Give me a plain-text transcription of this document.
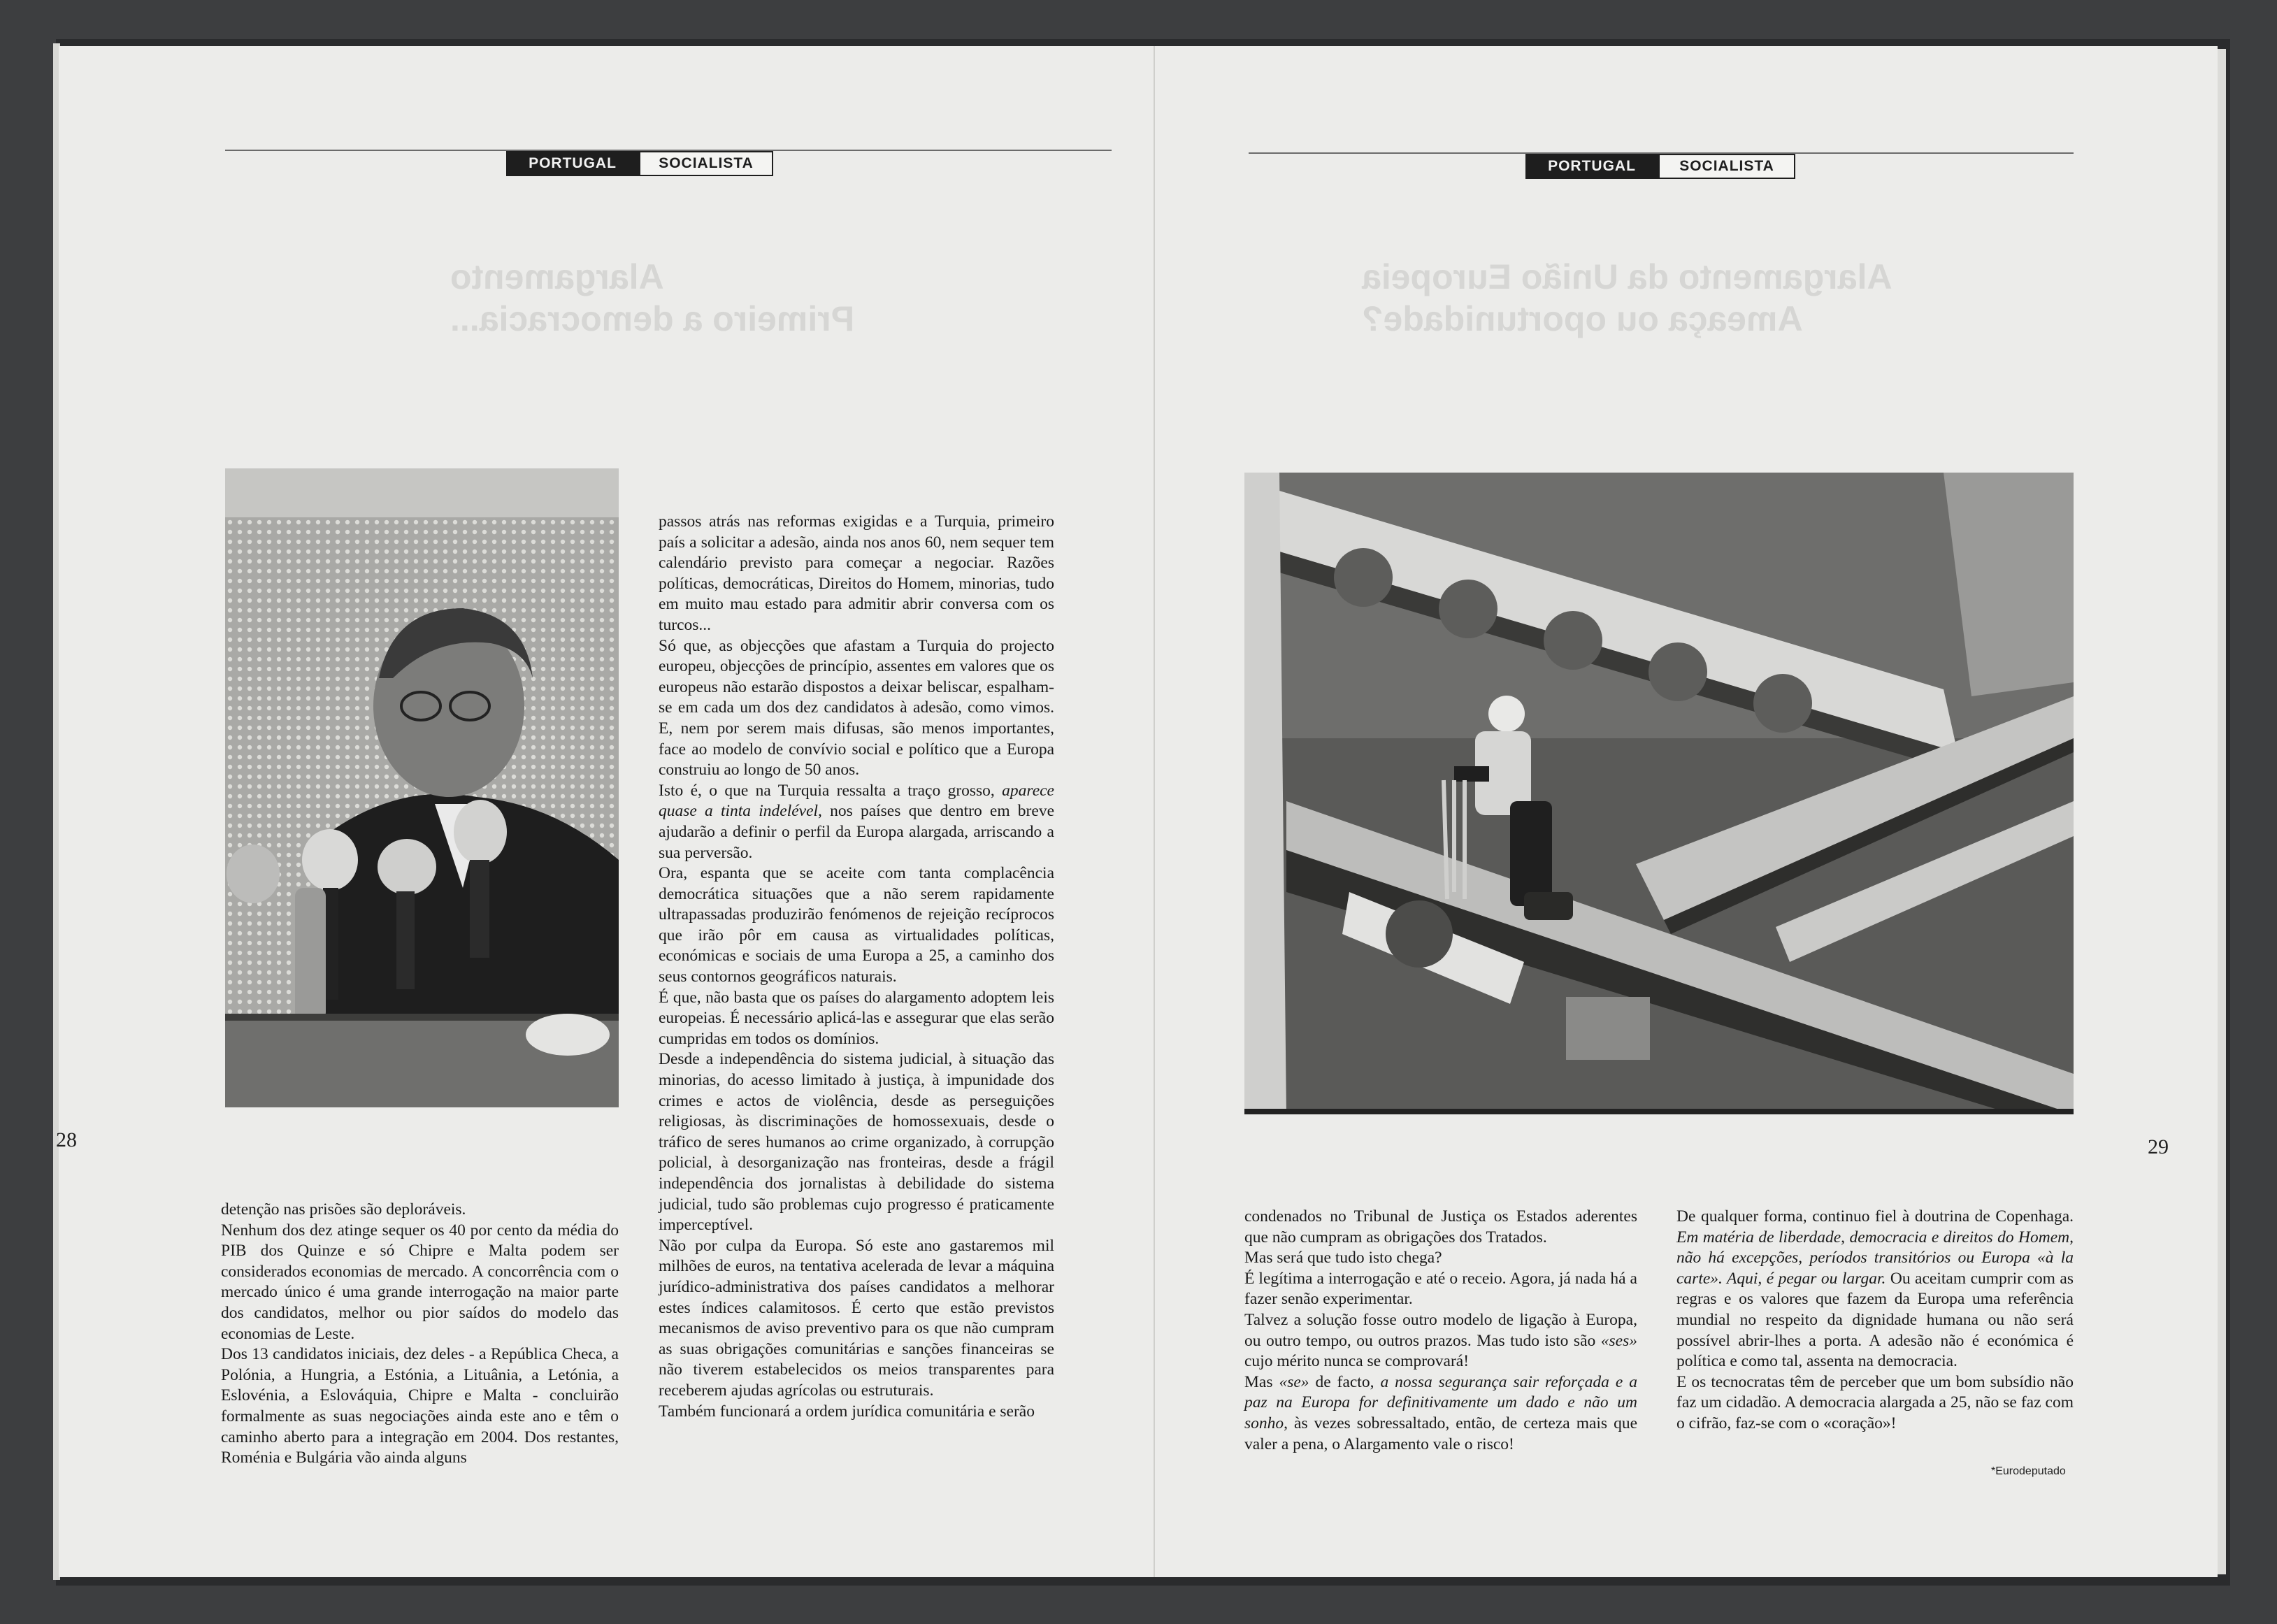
PORTUGAL	SOCIALISTA
Alargamento
Primeiro a democracia...
28

detenção nas prisões são deploráveis.

Nenhum dos dez atinge sequer os 40 por cento da média do PIB dos Quinze e só Chipre e Malta podem ser considerados economias de mercado. A concorrência com o mercado único é uma grande interrogação na maior parte dos candidatos, melhor ou pior saídos do modelo das economias de Leste.

Dos 13 candidatos iniciais, dez deles - a República Checa, a Polónia, a Hungria, a Estónia, a Lituânia, a Letónia, a Eslovénia, a Eslováquia, Chipre e Malta - concluirão formalmente as suas negociações ainda este ano e têm o caminho aberto para a integração em 2004. Dos restantes, Roménia e Bulgária vão ainda alguns

passos atrás nas reformas exigidas e a Turquia, primeiro país a solicitar a adesão, ainda nos anos 60, nem sequer tem calendário previsto para começar a negociar. Razões políticas, democráticas, Direitos do Homem, minorias, tudo em muito mau estado para admitir abrir conversa com os turcos...

Só que, as objecções que afastam a Turquia do projecto europeu, objecções de princípio, assentes em valores que os europeus não estarão dispostos a deixar beliscar, espalham-se em cada um dos dez candidatos à adesão, como vimos. E, nem por serem mais difusas, são menos importantes, face ao modelo de convívio social e político que a Europa construiu ao longo de 50 anos.

Isto é, o que na Turquia ressalta a traço grosso, aparece quase a tinta indelével, nos países que dentro em breve ajudarão a definir o perfil da Europa alargada, arriscando a sua perversão.

Ora, espanta que se aceite com tanta complacência democrática situações que a não serem rapidamente ultrapassadas produzirão fenómenos de rejeição recíprocos que irão pôr em causa as virtualidades políticas, económicas e sociais de uma Europa a 25, a caminho dos seus contornos geográficos naturais.

É que, não basta que os países do alargamento adoptem leis europeias. É necessário aplicá-las e assegurar que elas serão cumpridas em todos os domínios.

Desde a independência do sistema judicial, à situação das minorias, do acesso limitado à justiça, à impunidade dos crimes e actos de violência, desde as perseguições religiosas, às discriminações de homossexuais, desde o tráfico de seres humanos ao crime organizado, à corrupção policial, à desorganização nas fronteiras, desde a frágil independência dos jornalistas à debilidade do sistema judicial, tudo são problemas cujo progresso é praticamente imperceptível.

Não por culpa da Europa. Só este ano gastaremos mil milhões de euros, na tentativa acelerada de levar a máquina jurídico-administrativa dos países candidatos a melhorar estes índices calamitosos. É certo que estão previstos mecanismos de aviso preventivo para os que não cumpram as suas obrigações comunitárias e sanções financeiras se não tiverem estabelecidos os meios transparentes para receberem ajudas agrícolas ou estruturais.

Também funcionará a ordem jurídica comunitária e serão

PORTUGAL	SOCIALISTA
Alargamento da União Europeia
Ameaça ou oportunidade?
29

condenados no Tribunal de Justiça os Estados aderentes que não cumpram as obrigações dos Tratados.

Mas será que tudo isto chega?

É legítima a interrogação e até o receio. Agora, já nada há a fazer senão experimentar.

Talvez a solução fosse outro modelo de ligação à Europa, ou outro tempo, ou outros prazos. Mas tudo isto são «ses» cujo mérito nunca se comprovará!

Mas «se» de facto, a nossa segurança sair reforçada e a paz na Europa for definitivamente um dado e não um sonho, às vezes sobressaltado, então, de certeza mais que valer a pena, o Alargamento vale o risco!

De qualquer forma, continuo fiel à doutrina de Copenhaga. Em matéria de liberdade, democracia e direitos do Homem, não há excepções, períodos transitórios ou Europa «à la carte». Aqui, é pegar ou largar. Ou aceitam cumprir com as regras e os valores que fazem da Europa uma referência mundial no respeito da dignidade humana ou não será possível abrir-lhes a porta. A adesão não é económica é política e como tal, assenta na democracia.

E os tecnocratas têm de perceber que um bom subsídio não faz um cidadão. A democracia alargada a 25, não se faz com o cifrão, faz-se com o «coração»!

*Eurodeputado
